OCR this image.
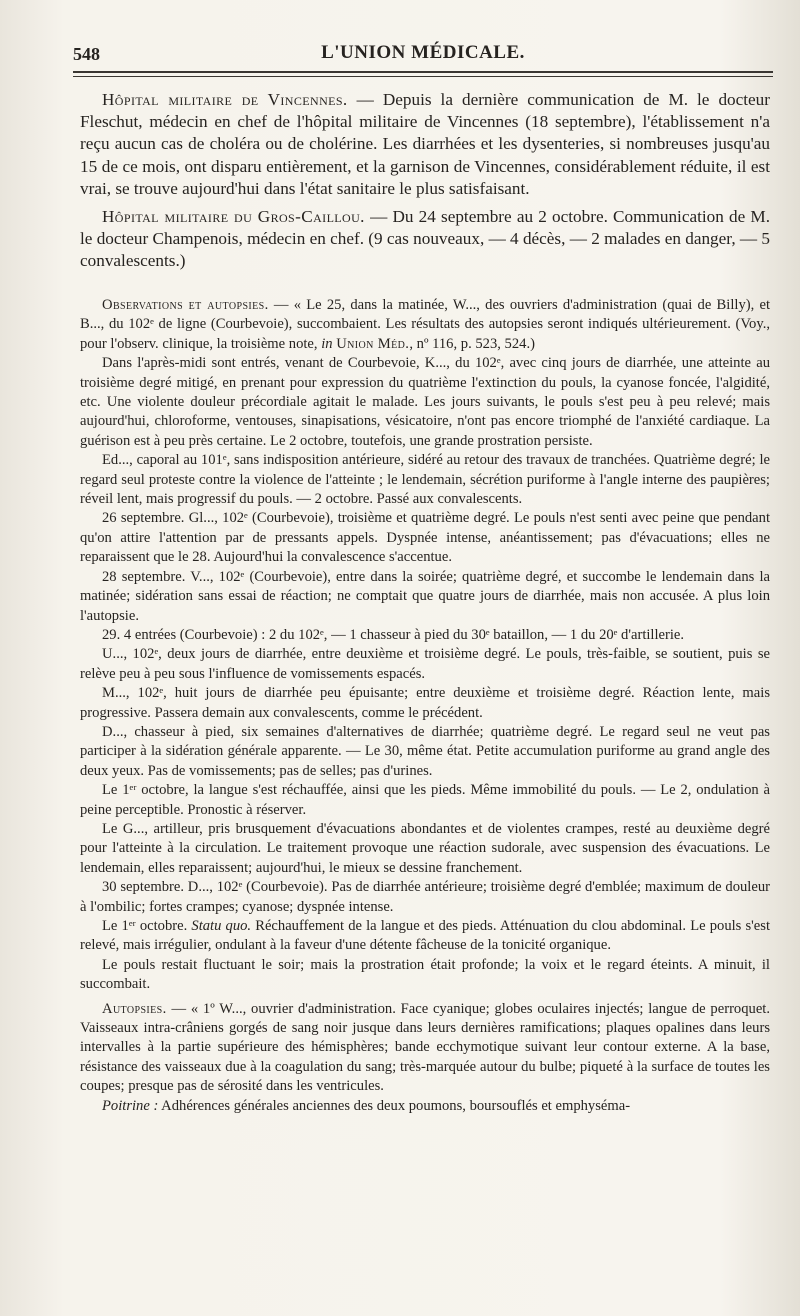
548	L'UNION MÉDICALE.

Hôpital militaire de Vincennes. — Depuis la dernière communication de M. le docteur Fleschut, médecin en chef de l'hôpital militaire de Vincennes (18 septembre), l'établissement n'a reçu aucun cas de choléra ou de cholérine. Les diarrhées et les dysenteries, si nombreuses jusqu'au 15 de ce mois, ont disparu entièrement, et la garnison de Vincennes, considérablement réduite, il est vrai, se trouve aujourd'hui dans l'état sanitaire le plus satisfaisant.

Hôpital militaire du Gros-Caillou. — Du 24 septembre au 2 octobre. Communication de M. le docteur Champenois, médecin en chef. (9 cas nouveaux, — 4 décès, — 2 malades en danger, — 5 convalescents.)

Observations et autopsies. — « Le 25, dans la matinée, W..., des ouvriers d'administration (quai de Billy), et B..., du 102ᵉ de ligne (Courbevoie), succombaient. Les résultats des autopsies seront indiqués ultérieurement. (Voy., pour l'observ. clinique, la troisième note, in Union Méd., nº 116, p. 523, 524.)

Dans l'après-midi sont entrés, venant de Courbevoie, K..., du 102ᵉ, avec cinq jours de diarrhée, une atteinte au troisième degré mitigé, en prenant pour expression du quatrième l'extinction du pouls, la cyanose foncée, l'algidité, etc. Une violente douleur précordiale agitait le malade. Les jours suivants, le pouls s'est peu à peu relevé; mais aujourd'hui, chloroforme, ventouses, sinapisations, vésicatoire, n'ont pas encore triomphé de l'anxiété cardiaque. La guérison est à peu près certaine. Le 2 octobre, toutefois, une grande prostration persiste.

Ed..., caporal au 101ᵉ, sans indisposition antérieure, sidéré au retour des travaux de tranchées. Quatrième degré; le regard seul proteste contre la violence de l'atteinte ; le lendemain, sécrétion puriforme à l'angle interne des paupières; réveil lent, mais progressif du pouls. — 2 octobre. Passé aux convalescents.

26 septembre. Gl..., 102ᵉ (Courbevoie), troisième et quatrième degré. Le pouls n'est senti avec peine que pendant qu'on attire l'attention par de pressants appels. Dyspnée intense, anéantissement; pas d'évacuations; elles ne reparaissent que le 28. Aujourd'hui la convalescence s'accentue.

28 septembre. V..., 102ᵉ (Courbevoie), entre dans la soirée; quatrième degré, et succombe le lendemain dans la matinée; sidération sans essai de réaction; ne comptait que quatre jours de diarrhée, mais non accusée. A plus loin l'autopsie.

29. 4 entrées (Courbevoie) : 2 du 102ᵉ, — 1 chasseur à pied du 30ᵉ bataillon, — 1 du 20ᵉ d'artillerie.

U..., 102ᵉ, deux jours de diarrhée, entre deuxième et troisième degré. Le pouls, très-faible, se soutient, puis se relève peu à peu sous l'influence de vomissements espacés.

M..., 102ᵉ, huit jours de diarrhée peu épuisante; entre deuxième et troisième degré. Réaction lente, mais progressive. Passera demain aux convalescents, comme le précédent.

D..., chasseur à pied, six semaines d'alternatives de diarrhée; quatrième degré. Le regard seul ne veut pas participer à la sidération générale apparente. — Le 30, même état. Petite accumulation puriforme au grand angle des deux yeux. Pas de vomissements; pas de selles; pas d'urines.

Le 1ᵉʳ octobre, la langue s'est réchauffée, ainsi que les pieds. Même immobilité du pouls. — Le 2, ondulation à peine perceptible. Pronostic à réserver.

Le G..., artilleur, pris brusquement d'évacuations abondantes et de violentes crampes, resté au deuxième degré pour l'atteinte à la circulation. Le traitement provoque une réaction sudorale, avec suspension des évacuations. Le lendemain, elles reparaissent; aujourd'hui, le mieux se dessine franchement.

30 septembre. D..., 102ᵉ (Courbevoie). Pas de diarrhée antérieure; troisième degré d'emblée; maximum de douleur à l'ombilic; fortes crampes; cyanose; dyspnée intense.

Le 1ᵉʳ octobre. Statu quo. Réchauffement de la langue et des pieds. Atténuation du clou abdominal. Le pouls s'est relevé, mais irrégulier, ondulant à la faveur d'une détente fâcheuse de la tonicité organique.

Le pouls restait fluctuant le soir; mais la prostration était profonde; la voix et le regard éteints. A minuit, il succombait.

Autopsies. — « 1º W..., ouvrier d'administration. Face cyanique; globes oculaires injectés; langue de perroquet. Vaisseaux intra-crâniens gorgés de sang noir jusque dans leurs dernières ramifications; plaques opalines dans leurs intervalles à la partie supérieure des hémisphères; bande ecchymotique suivant leur contour externe. A la base, résistance des vaisseaux due à la coagulation du sang; très-marquée autour du bulbe; piqueté à la surface de toutes les coupes; presque pas de sérosité dans les ventricules.

Poitrine : Adhérences générales anciennes des deux poumons, boursouflés et emphyséma-
